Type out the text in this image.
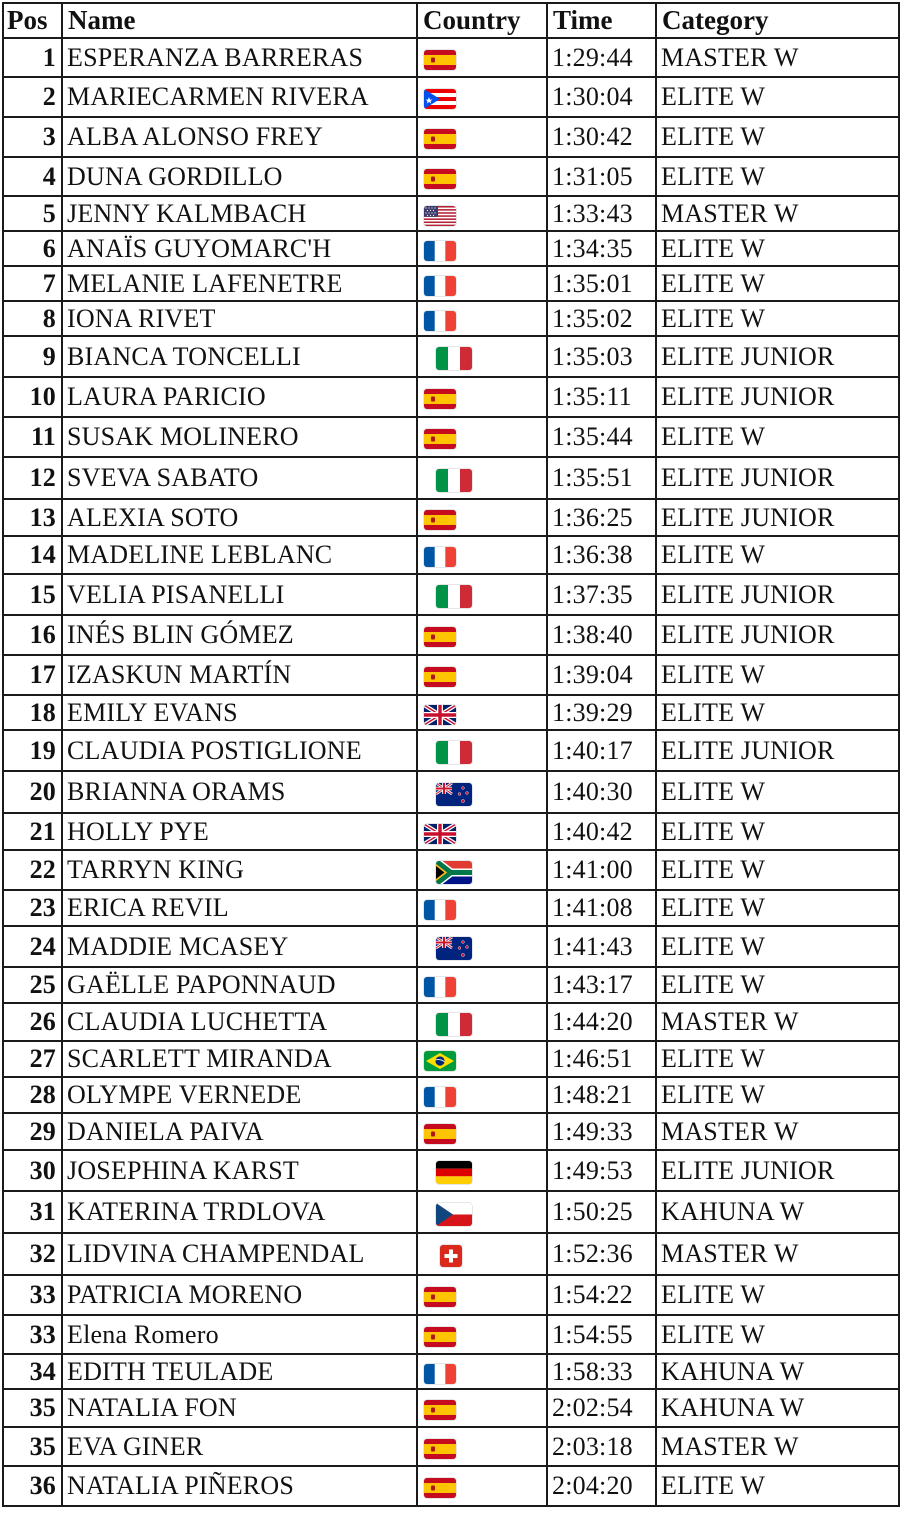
Pos	Name	Country	Time	Category
1	ESPERANZA BARRERAS		1:29:44	MASTER W
2	MARIECARMEN RIVERA		1:30:04	ELITE W
3	ALBA ALONSO FREY		1:30:42	ELITE W
4	DUNA GORDILLO		1:31:05	ELITE W
5	JENNY KALMBACH		1:33:43	MASTER W
6	ANAÏS GUYOMARC'H		1:34:35	ELITE W
7	MELANIE LAFENETRE		1:35:01	ELITE W
8	IONA RIVET		1:35:02	ELITE W
9	BIANCA TONCELLI		1:35:03	ELITE JUNIOR
10	LAURA PARICIO		1:35:11	ELITE JUNIOR
11	SUSAK MOLINERO		1:35:44	ELITE W
12	SVEVA SABATO		1:35:51	ELITE JUNIOR
13	ALEXIA SOTO		1:36:25	ELITE JUNIOR
14	MADELINE LEBLANC		1:36:38	ELITE W
15	VELIA PISANELLI		1:37:35	ELITE JUNIOR
16	INÉS BLIN GÓMEZ		1:38:40	ELITE JUNIOR
17	IZASKUN MARTÍN		1:39:04	ELITE W
18	EMILY EVANS		1:39:29	ELITE W
19	CLAUDIA POSTIGLIONE		1:40:17	ELITE JUNIOR
20	BRIANNA ORAMS		1:40:30	ELITE W
21	HOLLY PYE		1:40:42	ELITE W
22	TARRYN KING		1:41:00	ELITE W
23	ERICA REVIL		1:41:08	ELITE W
24	MADDIE MCASEY		1:41:43	ELITE W
25	GAËLLE PAPONNAUD		1:43:17	ELITE W
26	CLAUDIA LUCHETTA		1:44:20	MASTER W
27	SCARLETT MIRANDA		1:46:51	ELITE W
28	OLYMPE VERNEDE		1:48:21	ELITE W
29	DANIELA PAIVA		1:49:33	MASTER W
30	JOSEPHINA KARST		1:49:53	ELITE JUNIOR
31	KATERINA TRDLOVA		1:50:25	KAHUNA W
32	LIDVINA CHAMPENDAL		1:52:36	MASTER W
33	PATRICIA MORENO		1:54:22	ELITE W
33	Elena Romero		1:54:55	ELITE W
34	EDITH TEULADE		1:58:33	KAHUNA W
35	NATALIA FON		2:02:54	KAHUNA W
35	EVA GINER		2:03:18	MASTER W
36	NATALIA PIÑEROS		2:04:20	ELITE W
